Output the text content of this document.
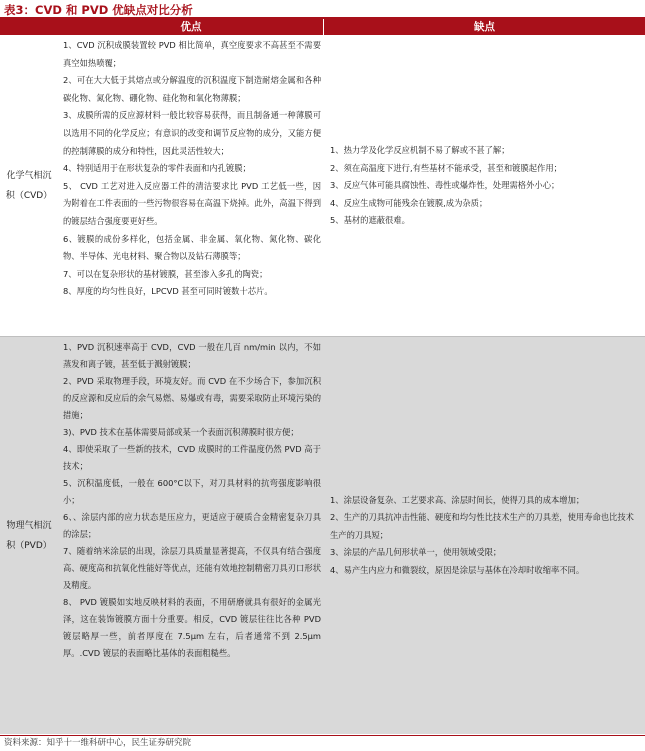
表3：CVD 和 PVD 优缺点对比分析
优点	缺点
化学气相沉积（CVD）

1、CVD 沉积成膜装置较 PVD 相比简单，真空度要求不高甚至不需要真空如热喷覆；

2、可在大大低于其熔点或分解温度的沉积温度下制造耐熔金属和各种碳化物、氮化物、硼化物、硅化物和氧化物薄膜；

3、成膜所需的反应源材料一般比较容易获得，而且制备通一种薄膜可以选用不同的化学反应；有意识的改变和调节反应物的成分，又能方便的控制薄膜的成分和特性，因此灵活性较大；

4、特别适用于在形状复杂的零件表面和内孔镀膜；

5、 CVD 工艺对进入反应器工件的清洁要求比 PVD 工艺低一些，因为附着在工件表面的一些污物很容易在高温下烧掉。此外，高温下得到的镀层结合强度要更好些。

6、镀膜的成份多样化，包括金属、非金属、氧化物、氮化物、碳化物、半导体、光电材料、聚合物以及钻石薄膜等；

7、可以在复杂形状的基材镀膜，甚至渗入多孔的陶瓷；

8、厚度的均匀性良好，LPCVD 甚至可同时镀数十芯片。

1、热力学及化学反应机制不易了解或不甚了解；

2、须在高温度下进行,有些基材不能承受，甚至和镀膜起作用；

3、反应气体可能具腐蚀性、毒性或爆炸性，处理需格外小心；

4、反应生成物可能残余在镀膜,成为杂质；

5、基材的遮蔽很难。

物理气相沉积（PVD）

1、PVD 沉积速率高于 CVD，CVD 一般在几百 nm/min 以内，不如蒸发和离子镀，甚至低于溅射镀膜；

2、PVD 采取物理手段，环境友好。而 CVD 在不少场合下，参加沉积的反应源和反应后的余气易燃、易爆或有毒，需要采取防止环境污染的措施；

3)、PVD 技术在基体需要局部或某一个表面沉积薄膜时很方便；

4、即使采取了一些新的技术，CVD 成膜时的工件温度仍然 PVD 高于技术；

5、沉积温度低，一般在 600°C以下，对刀具材料的抗弯强度影响很小；

6、、涂层内部的应力状态是压应力，更适应于硬质合金精密复杂刀具的涂层；

7、随着纳米涂层的出现，涂层刀具质量显著提高，不仅具有结合强度高、硬度高和抗氧化性能好等优点，还能有效地控制精密刀具刃口形状及精度。

8、 PVD 镀膜如实地反映材料的表面，不用研磨就具有很好的金属光泽，这在装饰镀膜方面十分重要。相反，CVD 镀层往往比各种 PVD 镀层略厚一些，前者厚度在 7.5μm 左右，后者通常不到 2.5μm 厚。.CVD 镀层的表面略比基体的表面粗糙些。

1、涂层设备复杂、工艺要求高、涂层时间长，使得刀具的成本增加；

2、生产的刀具抗冲击性能、硬度和均匀性比技术生产的刀具差，使用寿命也比技术生产的刀具短；

3、涂层的产品几何形状单一，使用领域受限；

4、易产生内应力和微裂纹，原因是涂层与基体在冷却时收缩率不同。

资料来源：知乎十一维科研中心，民生证券研究院
